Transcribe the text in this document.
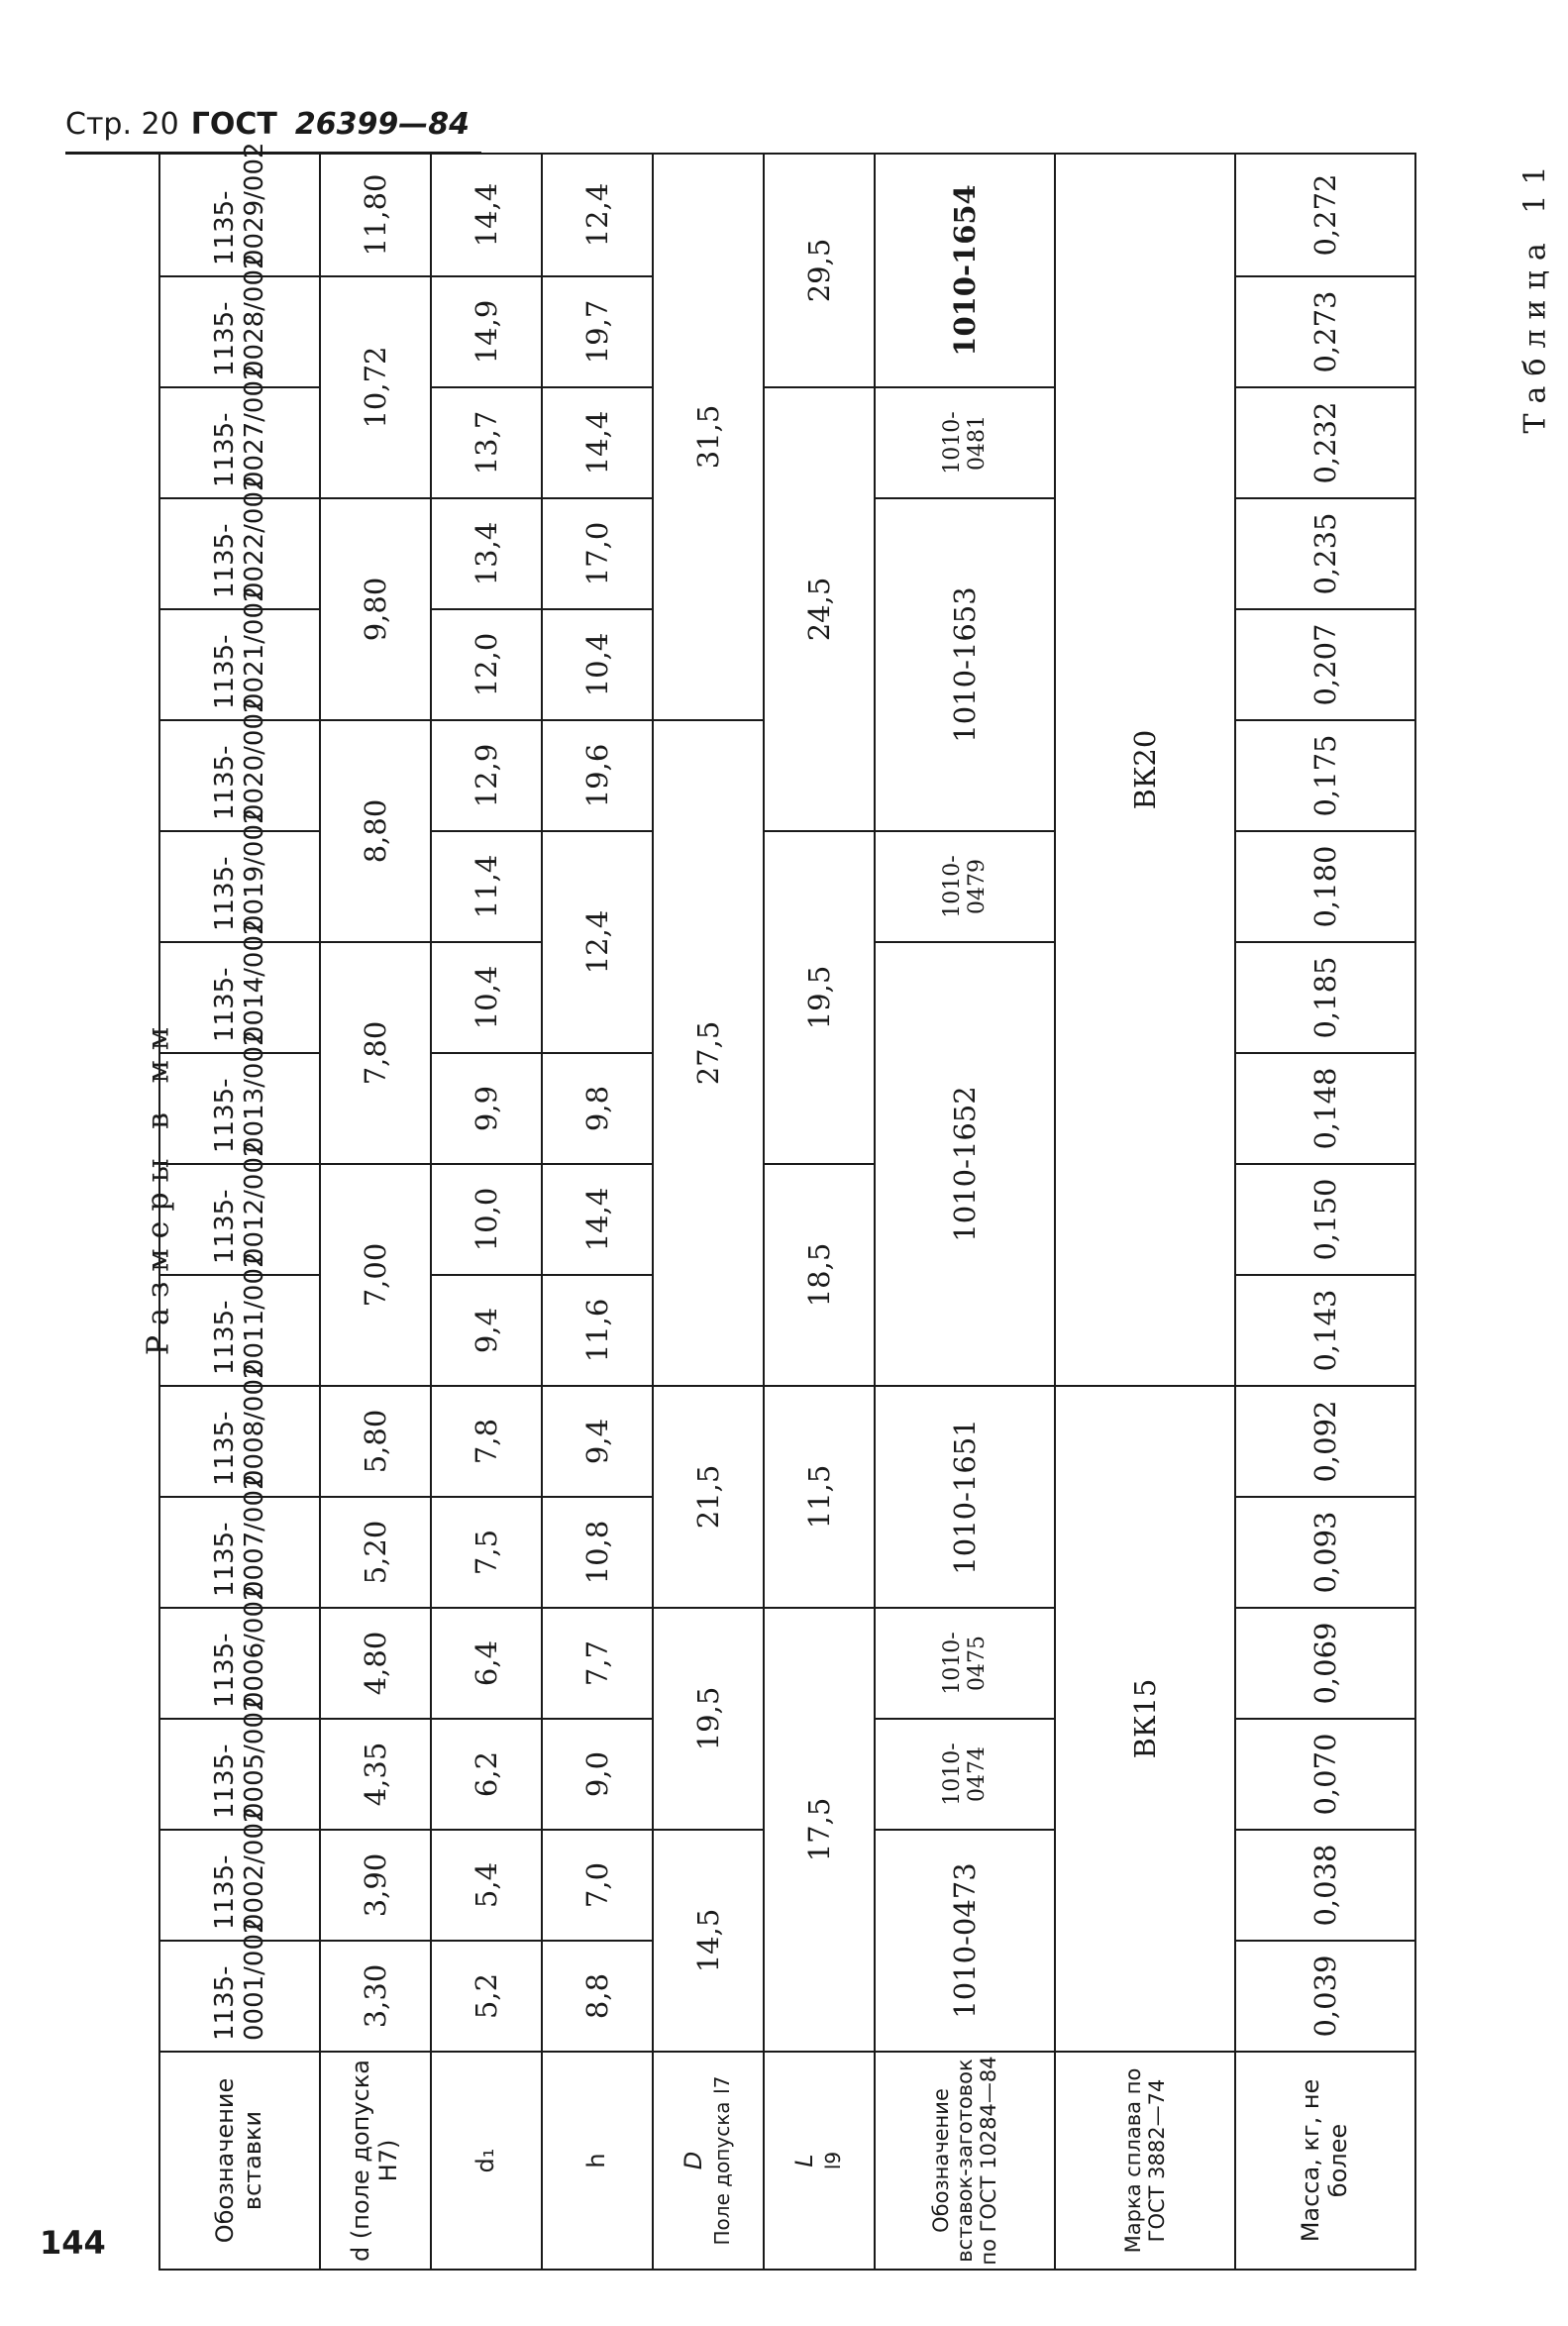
Стр. 20 ГОСТ 26399—84
Таблица 11
Размеры в мм
Обозначение вставки	1135-0001/002	1135-0002/002	1135-0005/002	1135-0006/002	1135-0007/002	1135-0008/002	1135-0011/002	1135-0012/002	1135-0013/002	1135-0014/002	1135-0019/002	1135-0020/002	1135-0021/002	1135-0022/002	1135-0027/002	1135-0028/002	1135-0029/002
d (поле допуска H7)	3,30	3,90	4,35	4,80	5,20	5,80	7,00		7,80		8,80		9,80		10,72		11,80
d₁	5,2	5,4	6,2	6,4	7,5	7,8	9,4	10,0	9,9	10,4	11,4	12,9	12,0	13,4	13,7	14,9	14,4
h	8,8	7,0	9,0	7,7	10,8	9,4	11,6	14,4	9,8	12,4		19,6	10,4	17,0	14,4	19,7	12,4
D Поле допуска l7	14,5		19,5		21,5		27,5						31,5				
L l9	17,5				11,5		18,5		19,5			24,5				29,5	
Обозначение вставок-заготовок по ГОСТ 10284—84	1010-0473		1010-0474	1010-0475	1010-1651		1010-1652				1010-0479	1010-1653			1010-0481	1010-1654	
Марка сплава по ГОСТ 3882—74	ВК15						ВК20										
Масса, кг, не более	0,039	0,038	0,070	0,069	0,093	0,092	0,143	0,150	0,148	0,185	0,180	0,175	0,207	0,235	0,232	0,273	0,272
144
